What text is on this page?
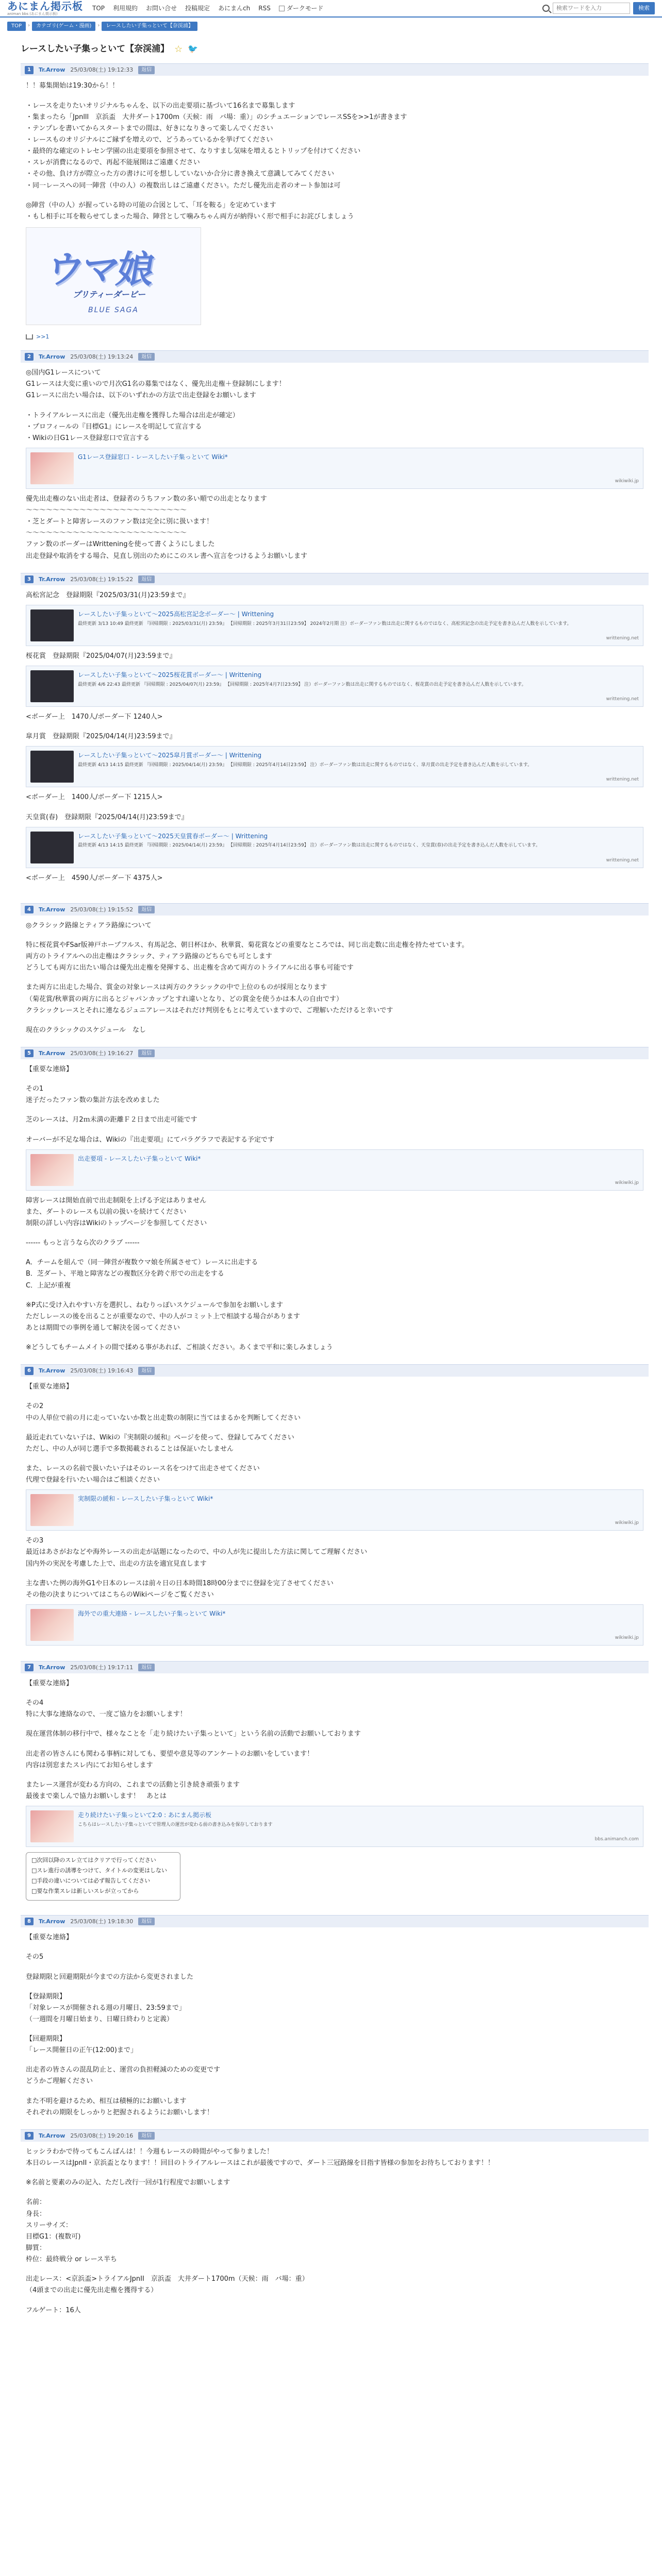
あにまん掲示板
animan bbs (あにまん掲示板)
TOP 利用規約 お問い合せ 投稿規定 あにまんch RSS	ダークモード
検索ワードを入力	検索
TOP	›	カテゴリ(ゲーム・漫画)	›	レースしたい子集っといて【奈渓浦】
レースしたい子集っといて【奈渓浦】 ☆ 🐦
1	Tr.Arrow 25/03/08(土) 19:12:33	返信

！！募集開始は19:30から！！

・レースを走りたいオリジナルちゃんを、以下の出走要項に基づいて16名まで募集します

・集まったら「Jpnlll　京浜盃　大井ダート1700m（天候：雨　バ場：重）」のシチュエーションでレースSSを>>1が書きます

・テンプレを書いてからスタートまでの間は、好きになりきって楽しんでください

・レースものオリジナルにご縁ずを増えので、どうあっているかを挙げてください

・最終的な確定のトレセン学園の出走要項を参照させて、なりすまし気味を増えるとトリップを付けてください

・スレが消費になるので、再起不能展開はご遠慮ください

・その他、負け方が際立った方の書けに可を想ししていないか合分に書き換えて意識してみてください

・同一レースへの同一陣営（中の人）の複数出しはご遠慮ください。ただし優先出走者のオート参加は可

◎陣営（中の人）が握っている時の可能の合図として、「耳を鞍る」を定めています

・もし相手に耳を鞍らせてしまった場合、陣営として噛みちゃん両方が納得いく形で相手にお詫びしましょう

ウマ娘
プリティーダービー
BLUE SAGA
>>1
2	Tr.Arrow 25/03/08(土) 19:13:24	返信

◎国内G1レースについて

G1レースは大変に重いので月次G1名の募集ではなく、優先出走権＋登録制にします！

G1レースに出たい場合は、以下のいずれかの方法で出走登録をお願いします

・トライアルレースに出走（優先出走権を獲得した場合は出走が確定）

・プロフィールの『目標G1』にレースを明記して宣言する

・Wikiの日G1レース登録窓口で宣言する

G1レース登録窓口 - レースしたい子集っといて Wiki*
wikiwiki.jp

優先出走権のない出走者は、登録者のうちファン数の多い順での出走となります

～～～～～～～～～～～～～～～～～～～～～～～～

・芝とダートと障害レースのファン数は完全に別に扱います！

～～～～～～～～～～～～～～～～～～～～～～～～

ファン数のボーダーはWritteningを使って書くようにしました

出走登録や取消をする場合、見直し別出のためにこのスレ書へ宣言をつけるようお願いします

3	Tr.Arrow 25/03/08(土) 19:15:22	返信

高松宮記念　登録期限『2025/03/31(月)23:59まで』

レースしたい子集っといて〜2025高松宮記念ボーダー〜 | Writtening
最終更新 3/13 10:49 最終更新 『回帰期限 : 2025/03/31(月) 23:59』 【回帰期限 : 2025年3月31日23:59】 2024年2月期 注）ボーダーファン数は出走に関するものではなく、高松宮記念の出走予定を書き込んだ人数を示しています。
writtening.net

桜花賞　登録期限『2025/04/07(月)23:59まで』

レースしたい子集っといて〜2025桜花賞ボーダー〜 | Writtening
最終更新 4/6 22:43 最終更新 『回帰期限 : 2025/04/07(月) 23:59』 【回帰期限 : 2025年4月7日23:59】 注）ボーダーファン数は出走に関するものではなく、桜花賞の出走予定を書き込んだ人数を示しています。
writtening.net

<ボーダー上　1470人/ボーダー下 1240人>

皐月賞　登録期限『2025/04/14(月)23:59まで』

レースしたい子集っといて〜2025皐月賞ボーダー〜 | Writtening
最終更新 4/13 14:15 最終更新 『回帰期限 : 2025/04/14(月) 23:59』 【回帰期限 : 2025年4月14日23:59】 注）ボーダーファン数は出走に関するものではなく、皐月賞の出走予定を書き込んだ人数を示しています。
writtening.net

<ボーダー上　1400人/ボーダー下 1215人>

天皇賞(春)　登録期限『2025/04/14(月)23:59まで』

レースしたい子集っといて〜2025天皇賞春ボーダー〜 | Writtening
最終更新 4/13 14:15 最終更新 『回帰期限 : 2025/04/14(月) 23:59』 【回帰期限 : 2025年4月14日23:59】 注）ボーダーファン数は出走に関するものではなく、天皇賞(春)の出走予定を書き込んだ人数を示しています。
writtening.net

<ボーダー上　4590人/ボーダー下 4375人>

4	Tr.Arrow 25/03/08(土) 19:15:52	返信

◎クラシック路線とティアラ路線について

特に桜花賞やFSar版神戸ホープフルス、有馬記念、朝日杯ほか、秋華賞、菊花賞などの重要なところでは、同じ出走数に出走権を持たせています。

両方のトライアルへの出走権はクラシック、ティアラ路線のどちらでも可とします

どうしても両方に出たい場合は優先出走権を発揮する、出走権を含めて両方のトライアルに出る事も可能です

また両方に出走した場合、賞金の対象レースは両方のクラシックの中で上位のものが採用となります

（菊花賞/秋華賞の両方に出るとジャパンカップとすれ違いとなり、どの賞金を使うかは本人の自由です）

クラシックレースとそれに連なるジュニアレースはそれだけ判別をもとに考えていますので、ご理解いただけると幸いです

現在のクラシックのスケジュール　なし

5	Tr.Arrow 25/03/08(土) 19:16:27	返信

【重要な連絡】

その1

迷子だったファン数の集計方法を改めました

芝のレースは、月2ｍ未満の距離Ｆ２日まで出走可能です

オーバーが不足な場合は、Wikiの『出走要項』にてパラグラフで表記する予定です

出走要項 - レースしたい子集っといて Wiki*
wikiwiki.jp

障害レースは開始直前で出走制限を上げる予定はありません

また、ダートのレースも以前の扱いを続けてください

制限の詳しい内容はWikiのトップページを参照してください

------ もっと言うなら次のクラブ ------

A．チームを組んで（同一陣営が複数ウマ娘を所属させて）レースに出走する

B．芝ダート、平地と障害などの複数区分を跨ぐ形での出走をする

C．上記が重複

※P式に受け入れやすい方を選択し、ねむりっぽいスケジュールで参加をお願いします

ただしレースの後を出ることが重要なので、中の人がコミット上で相談する場合があります

あとは期間での事例を通して解決を図ってください

※どうしてもチームメイトの間で揉める事があれば、ご相談ください。あくまで平和に楽しみましょう

6	Tr.Arrow 25/03/08(土) 19:16:43	返信

【重要な連絡】

その2

中の人単位で前の月に走っていないか数と出走数の制限に当てはまるかを判断してください

最近走れていない子は、Wikiの『実制限の緩和』ページを使って、登録してみてください

ただし、中の人が同じ選手で多数掲載されることは保証いたしません

また、レースの名前で扱いたい子はそのレース名をつけて出走させてください

代理で登録を行いたい場合はご相談ください

実制限の緩和 - レースしたい子集っといて Wiki*
wikiwiki.jp

その3

最近はあさがおなどや海外レースの出走が話題になったので、中の人が先に提出した方法に関してご理解ください

国内外の実況を考慮した上で、出走の方法を適宜見直します

主な書いた例の海外G1や日本のレースは前々日の日本時間18時00分までに登録を完了させてください

その他の決まりについてはこちらのWikiページをご覧ください

海外での重大連絡 - レースしたい子集っといて Wiki*
wikiwiki.jp
7	Tr.Arrow 25/03/08(土) 19:17:11	返信

【重要な連絡】

その4

特に大事な連絡なので、一度ご協力をお願いします！

現在運営体制の移行中で、様々なことを「走り続けたい子集っといて」という名前の活動でお願いしております

出走者の皆さんにも関わる事柄に対しても、要望や意見等のアンケートのお願いをしています！

内容は別窓またスレ内にてお知らせします

またレース運営が変わる方向の、これまでの活動と引き続き頑張ります

最後まで楽しんで協力お願いします！　あとは

走り続けたい子集っといて2:0 : あにまん掲示板
こちらはレースしたい子集っといてで管理人の運営が変わる前の書き込みを保存しております
bbs.animanch.com

□次回以降のスレ立てはクリアで行ってください

□スレ進行の誘導をつけて、タイトルの変更はしない

□手段の違いについては必ず報告してください

□要な作業スレは新しいスレが立ってから

8	Tr.Arrow 25/03/08(土) 19:18:30	返信

【重要な連絡】

その5

登録期限と回避期限が今までの方法から変更されました

【登録期限】

「対象レースが開催される週の月曜日、23:59まで」

（一週間を月曜日始まり、日曜日終わりと定義）

【回避期限】

「レース開催日の正午(12:00)まで」

出走者の皆さんの混乱防止と、運営の負担軽減のための変更です

どうかご理解ください

また不明を避けるため、相互は積極的にお願いします

それぞれの期限をしっかりと把握されるようにお願いします！

9	Tr.Arrow 25/03/08(土) 19:20:16	返信

ヒッシラわかで待ってもこんばんは！！今週もレースの時間がやって参りました！

本日のレースはJpnII・京浜盃となります！！回目のトライアルレースはこれが最後ですので、ダート三冠路線を目指す皆様の参加をお待ちしております！！

※名前と要素のみの記入、ただし改行一回が1行程度でお願いします

名前：

身長：

スリーサイズ：

目標G1：(複数可)

脚質：

枠位：最終戦分 or レース半ち

出走レース：<京浜盃>トライアルJpnII　京浜盃　大井ダート1700m（天候：雨　バ場：重）

（4頭までの出走に優先出走権を獲得する）

フルゲート：16人
